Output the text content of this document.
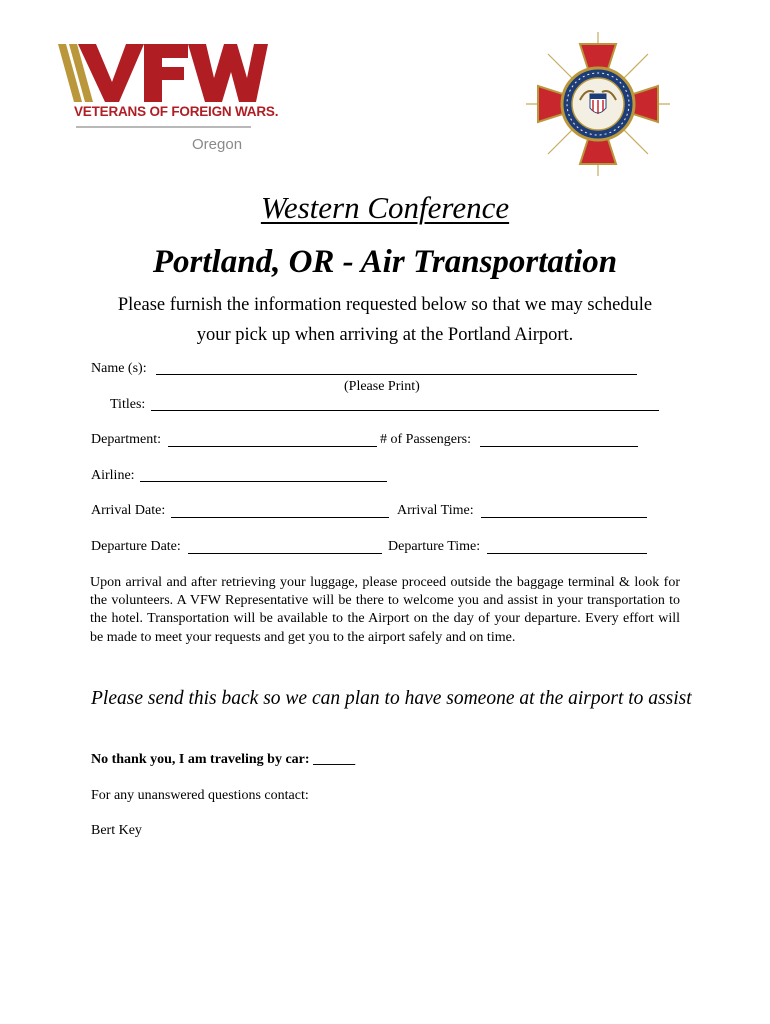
VETERANS OF FOREIGN WARS.
Oregon
Western Conference
Portland, OR - Air Transportation
Please furnish the information requested below so that we may schedule
your pick up when arriving at the Portland Airport.
Name (s):
(Please Print)
Titles:
Department:	# of Passengers:
Airline:
Arrival Date:	Arrival Time:
Departure Date:	Departure Time:
Upon arrival and after retrieving your luggage, please proceed outside the baggage terminal & look for the volunteers. A VFW Representative will be there to welcome you and assist in your transportation to the hotel. Transportation will be available to the Airport on the day of your departure. Every effort will be made to meet your requests and get you to the airport safely and on time.
Please send this back so we can plan to have someone at the airport to assist
No thank you, I am traveling by car: ______
For any unanswered questions contact:
Bert Key
